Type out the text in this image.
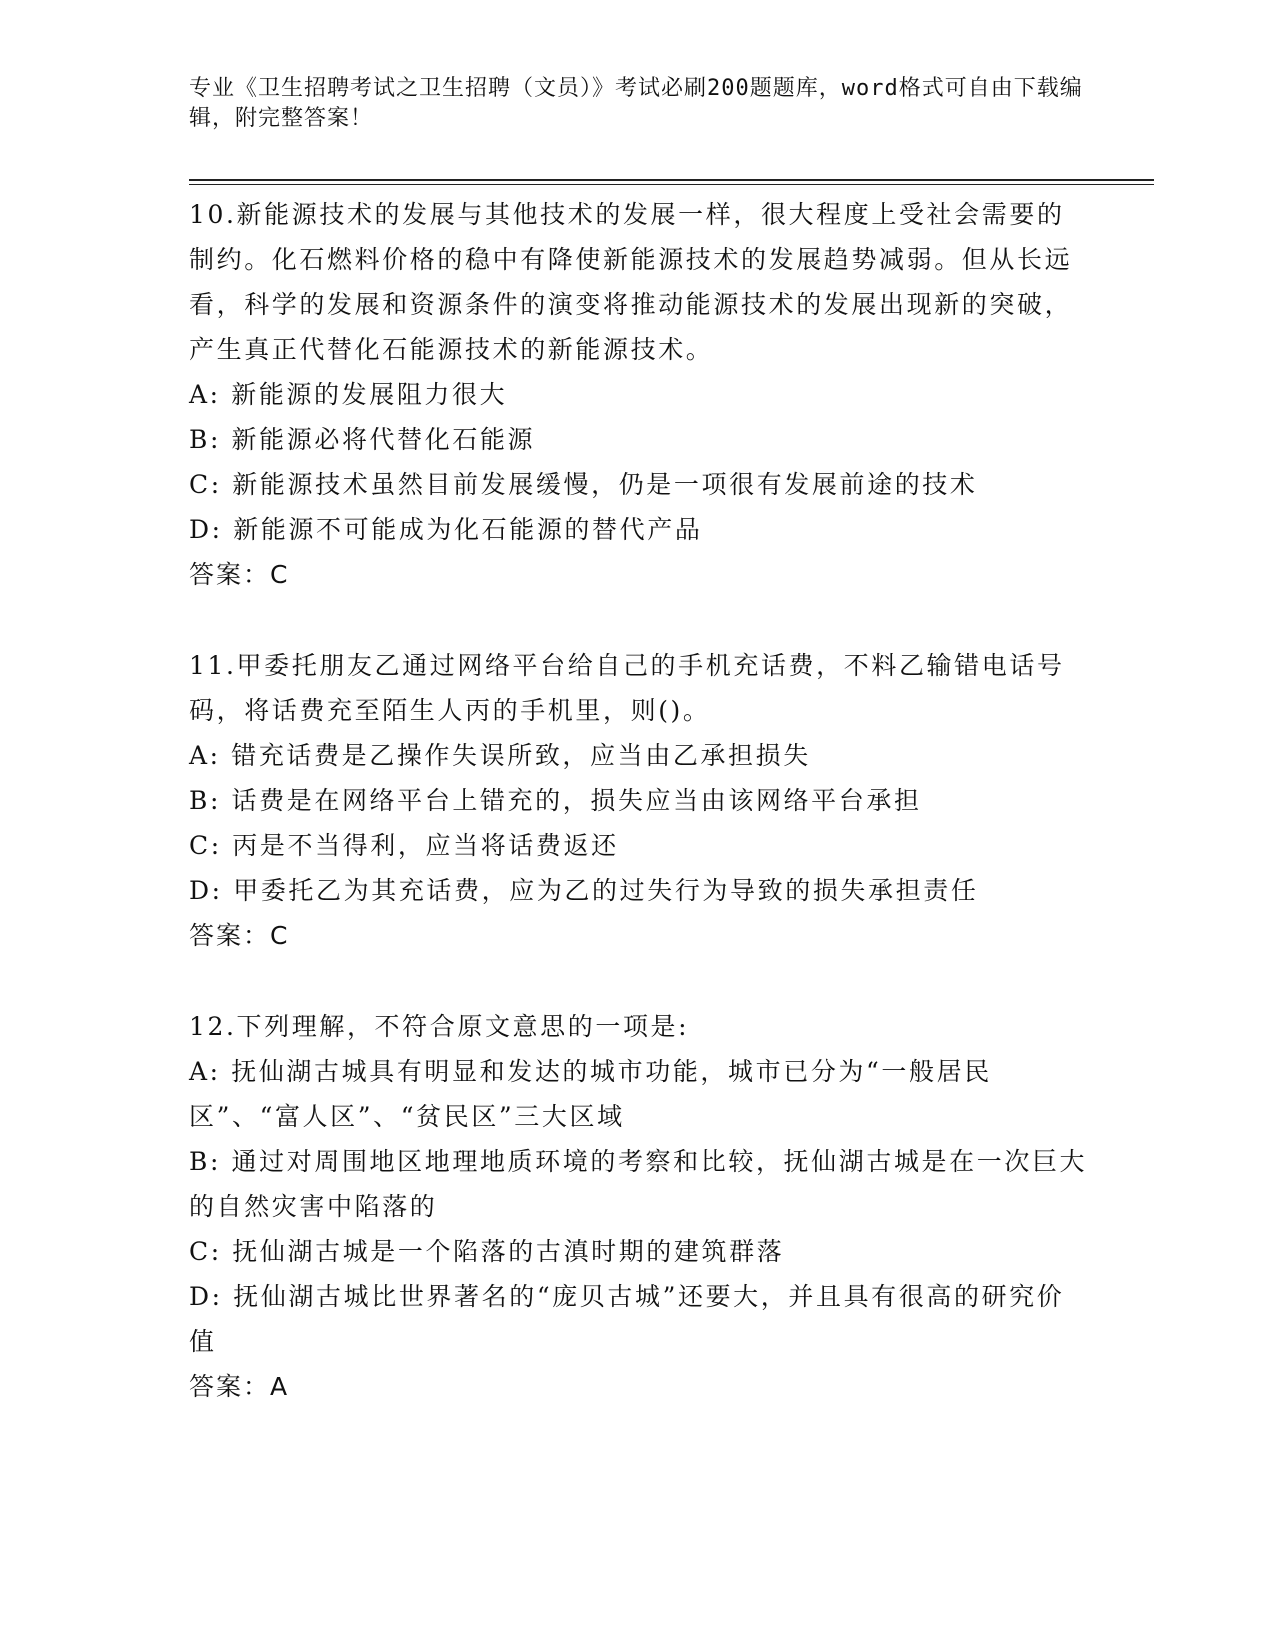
专业《卫生招聘考试之卫生招聘（文员）》考试必刷200题题库，word格式可自由下载编辑，附完整答案！

10.新能源技术的发展与其他技术的发展一样，很大程度上受社会需要的制约。化石燃料价格的稳中有降使新能源技术的发展趋势减弱。但从长远看，科学的发展和资源条件的演变将推动能源技术的发展出现新的突破，产生真正代替化石能源技术的新能源技术。

A: 新能源的发展阻力很大

B: 新能源必将代替化石能源

C: 新能源技术虽然目前发展缓慢，仍是一项很有发展前途的技术

D: 新能源不可能成为化石能源的替代产品

答案：C

11.甲委托朋友乙通过网络平台给自己的手机充话费，不料乙输错电话号码，将话费充至陌生人丙的手机里，则()。

A: 错充话费是乙操作失误所致，应当由乙承担损失

B: 话费是在网络平台上错充的，损失应当由该网络平台承担

C: 丙是不当得利，应当将话费返还

D: 甲委托乙为其充话费，应为乙的过失行为导致的损失承担责任

答案：C

12.下列理解，不符合原文意思的一项是:

A: 抚仙湖古城具有明显和发达的城市功能，城市已分为“一般居民区”、“富人区”、“贫民区”三大区域

B: 通过对周围地区地理地质环境的考察和比较，抚仙湖古城是在一次巨大的自然灾害中陷落的

C: 抚仙湖古城是一个陷落的古滇时期的建筑群落

D: 抚仙湖古城比世界著名的“庞贝古城”还要大，并且具有很高的研究价值

答案：A
